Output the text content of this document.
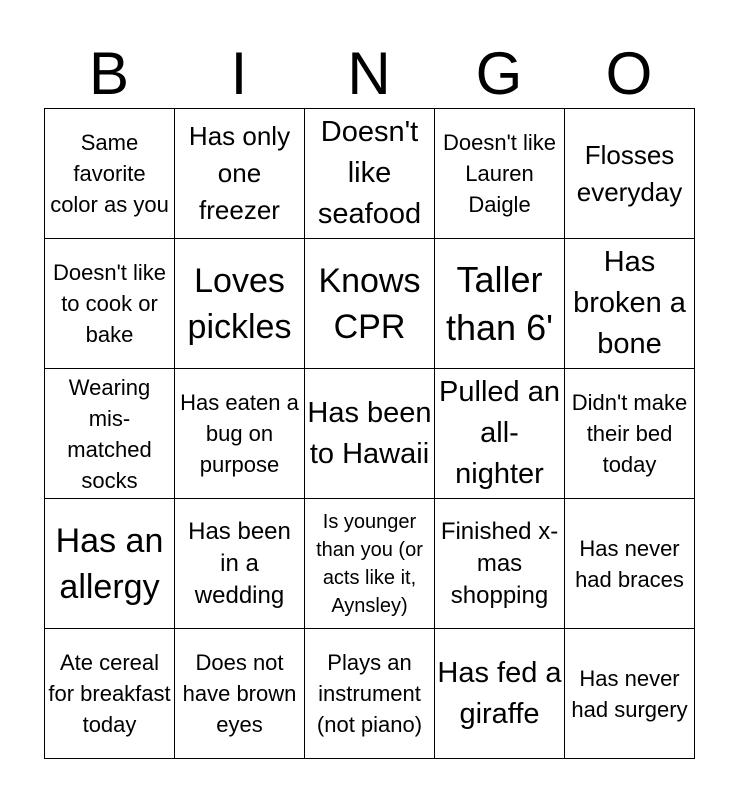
B	I	N	G	O
Same favorite color as you
Has only one freezer
Doesn't like seafood
Doesn't like Lauren Daigle
Flosses everyday
Doesn't like to cook or bake
Loves pickles
Knows CPR
Taller than 6'
Has broken a bone
Wearing mis-matched socks
Has eaten a bug on purpose
Has been to Hawaii
Pulled an all-nighter
Didn't make their bed today
Has an allergy
Has been in a wedding
Is younger than you (or acts like it, Aynsley)
Finished x-mas shopping
Has never had braces
Ate cereal for breakfast today
Does not have brown eyes
Plays an instrument (not piano)
Has fed a giraffe
Has never had surgery
